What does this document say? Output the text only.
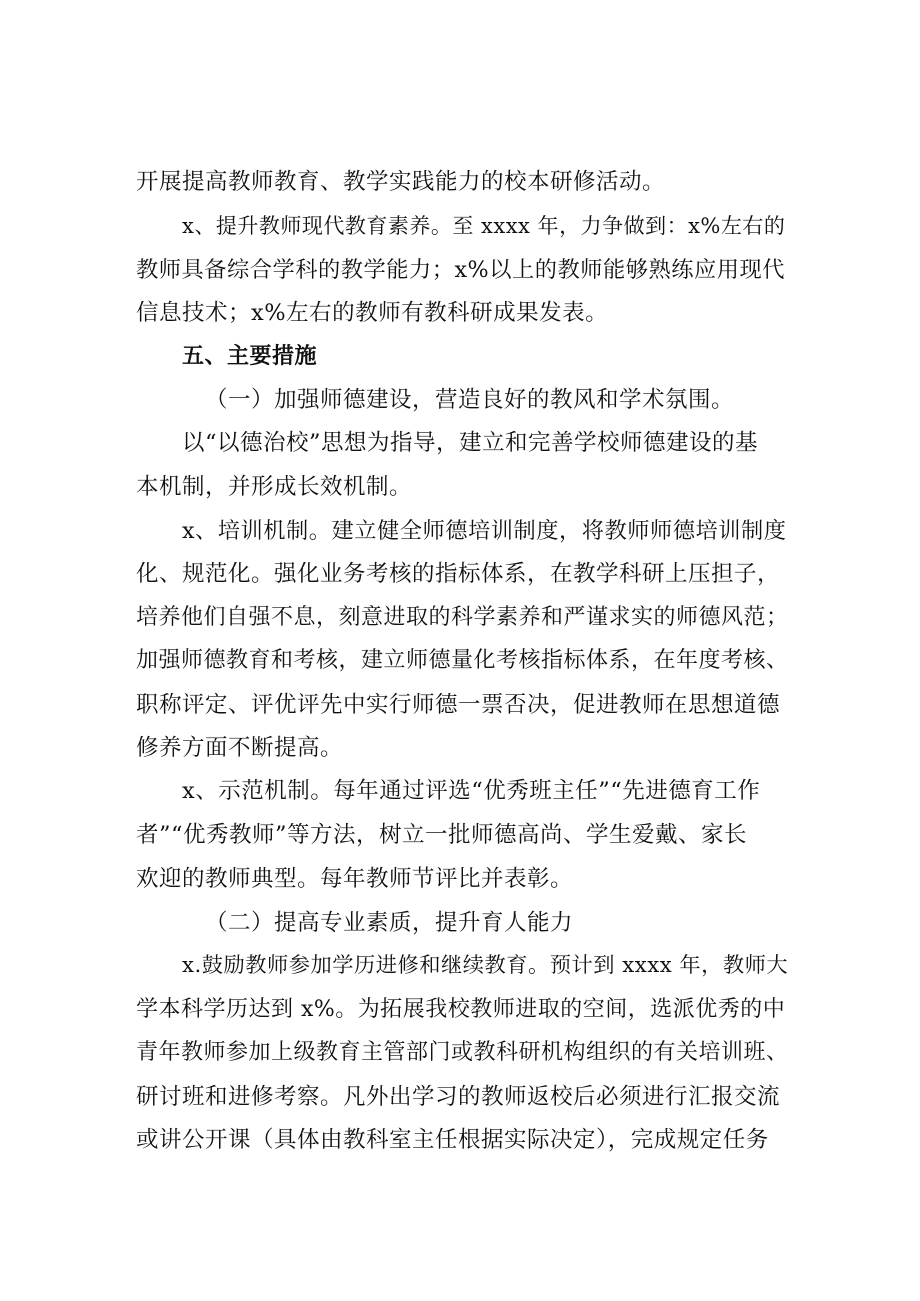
开展提高教师教育、教学实践能力的校本研修活动。
x、提升教师现代教育素养。至 xxxx 年，力争做到：x%左右的
教师具备综合学科的教学能力；x%以上的教师能够熟练应用现代
信息技术；x%左右的教师有教科研成果发表。
五、主要措施
（一）加强师德建设，营造良好的教风和学术氛围。
以“以德治校”思想为指导，建立和完善学校师德建设的基
本机制，并形成长效机制。
x、培训机制。建立健全师德培训制度，将教师师德培训制度
化、规范化。强化业务考核的指标体系，在教学科研上压担子，
培养他们自强不息，刻意进取的科学素养和严谨求实的师德风范；
加强师德教育和考核，建立师德量化考核指标体系，在年度考核、
职称评定、评优评先中实行师德一票否决，促进教师在思想道德
修养方面不断提高。
x、示范机制。每年通过评选“优秀班主任”“先进德育工作
者”“优秀教师”等方法，树立一批师德高尚、学生爱戴、家长
欢迎的教师典型。每年教师节评比并表彰。
（二）提高专业素质，提升育人能力
x.鼓励教师参加学历进修和继续教育。预计到 xxxx 年，教师大
学本科学历达到 x%。为拓展我校教师进取的空间，选派优秀的中
青年教师参加上级教育主管部门或教科研机构组织的有关培训班、
研讨班和进修考察。凡外出学习的教师返校后必须进行汇报交流
或讲公开课（具体由教科室主任根据实际决定），完成规定任务
